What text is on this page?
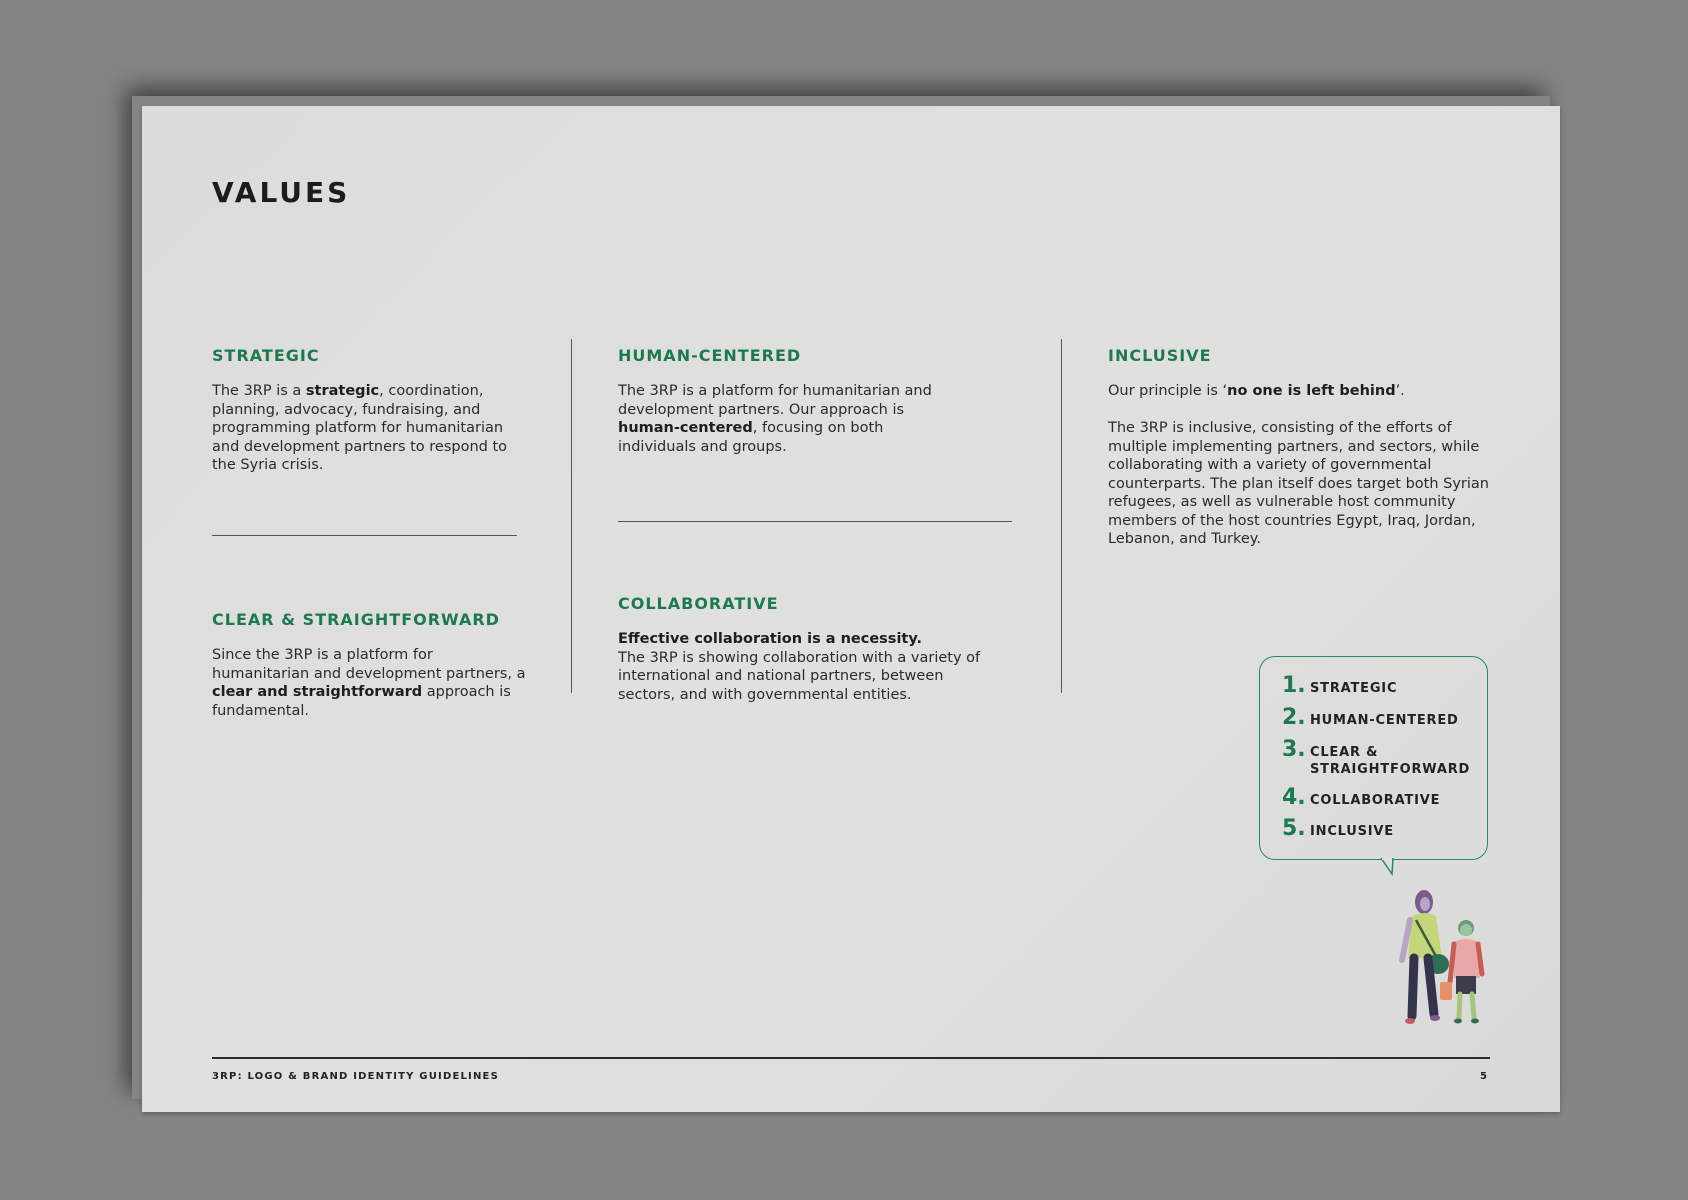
VALUES
STRATEGIC
The 3RP is a strategic, coordination, planning, advocacy, fundraising, and programming platform for humanitarian and development partners to respond to the Syria crisis.
CLEAR & STRAIGHTFORWARD
Since the 3RP is a platform for humanitarian and development partners, a clear and straightforward approach is fundamental.
HUMAN-CENTERED
The 3RP is a platform for humanitarian and development partners. Our approach is human-centered, focusing on both individuals and groups.
COLLABORATIVE
Effective collaboration is a necessity.
The 3RP is showing collaboration with a variety of international and national partners, between sectors, and with governmental entities.
INCLUSIVE
Our principle is ‘no one is left behind’.
The 3RP is inclusive, consisting of the efforts of multiple implementing partners, and sectors, while collaborating with a variety of governmental counterparts. The plan itself does target both Syrian refugees, as well as vulnerable host community members of the host countries Egypt, Iraq, Jordan, Lebanon, and Turkey.
1. STRATEGIC
2. HUMAN-CENTERED
3. CLEAR & STRAIGHTFORWARD
4. COLLABORATIVE
5. INCLUSIVE
3RP: LOGO & BRAND IDENTITY GUIDELINES	5
